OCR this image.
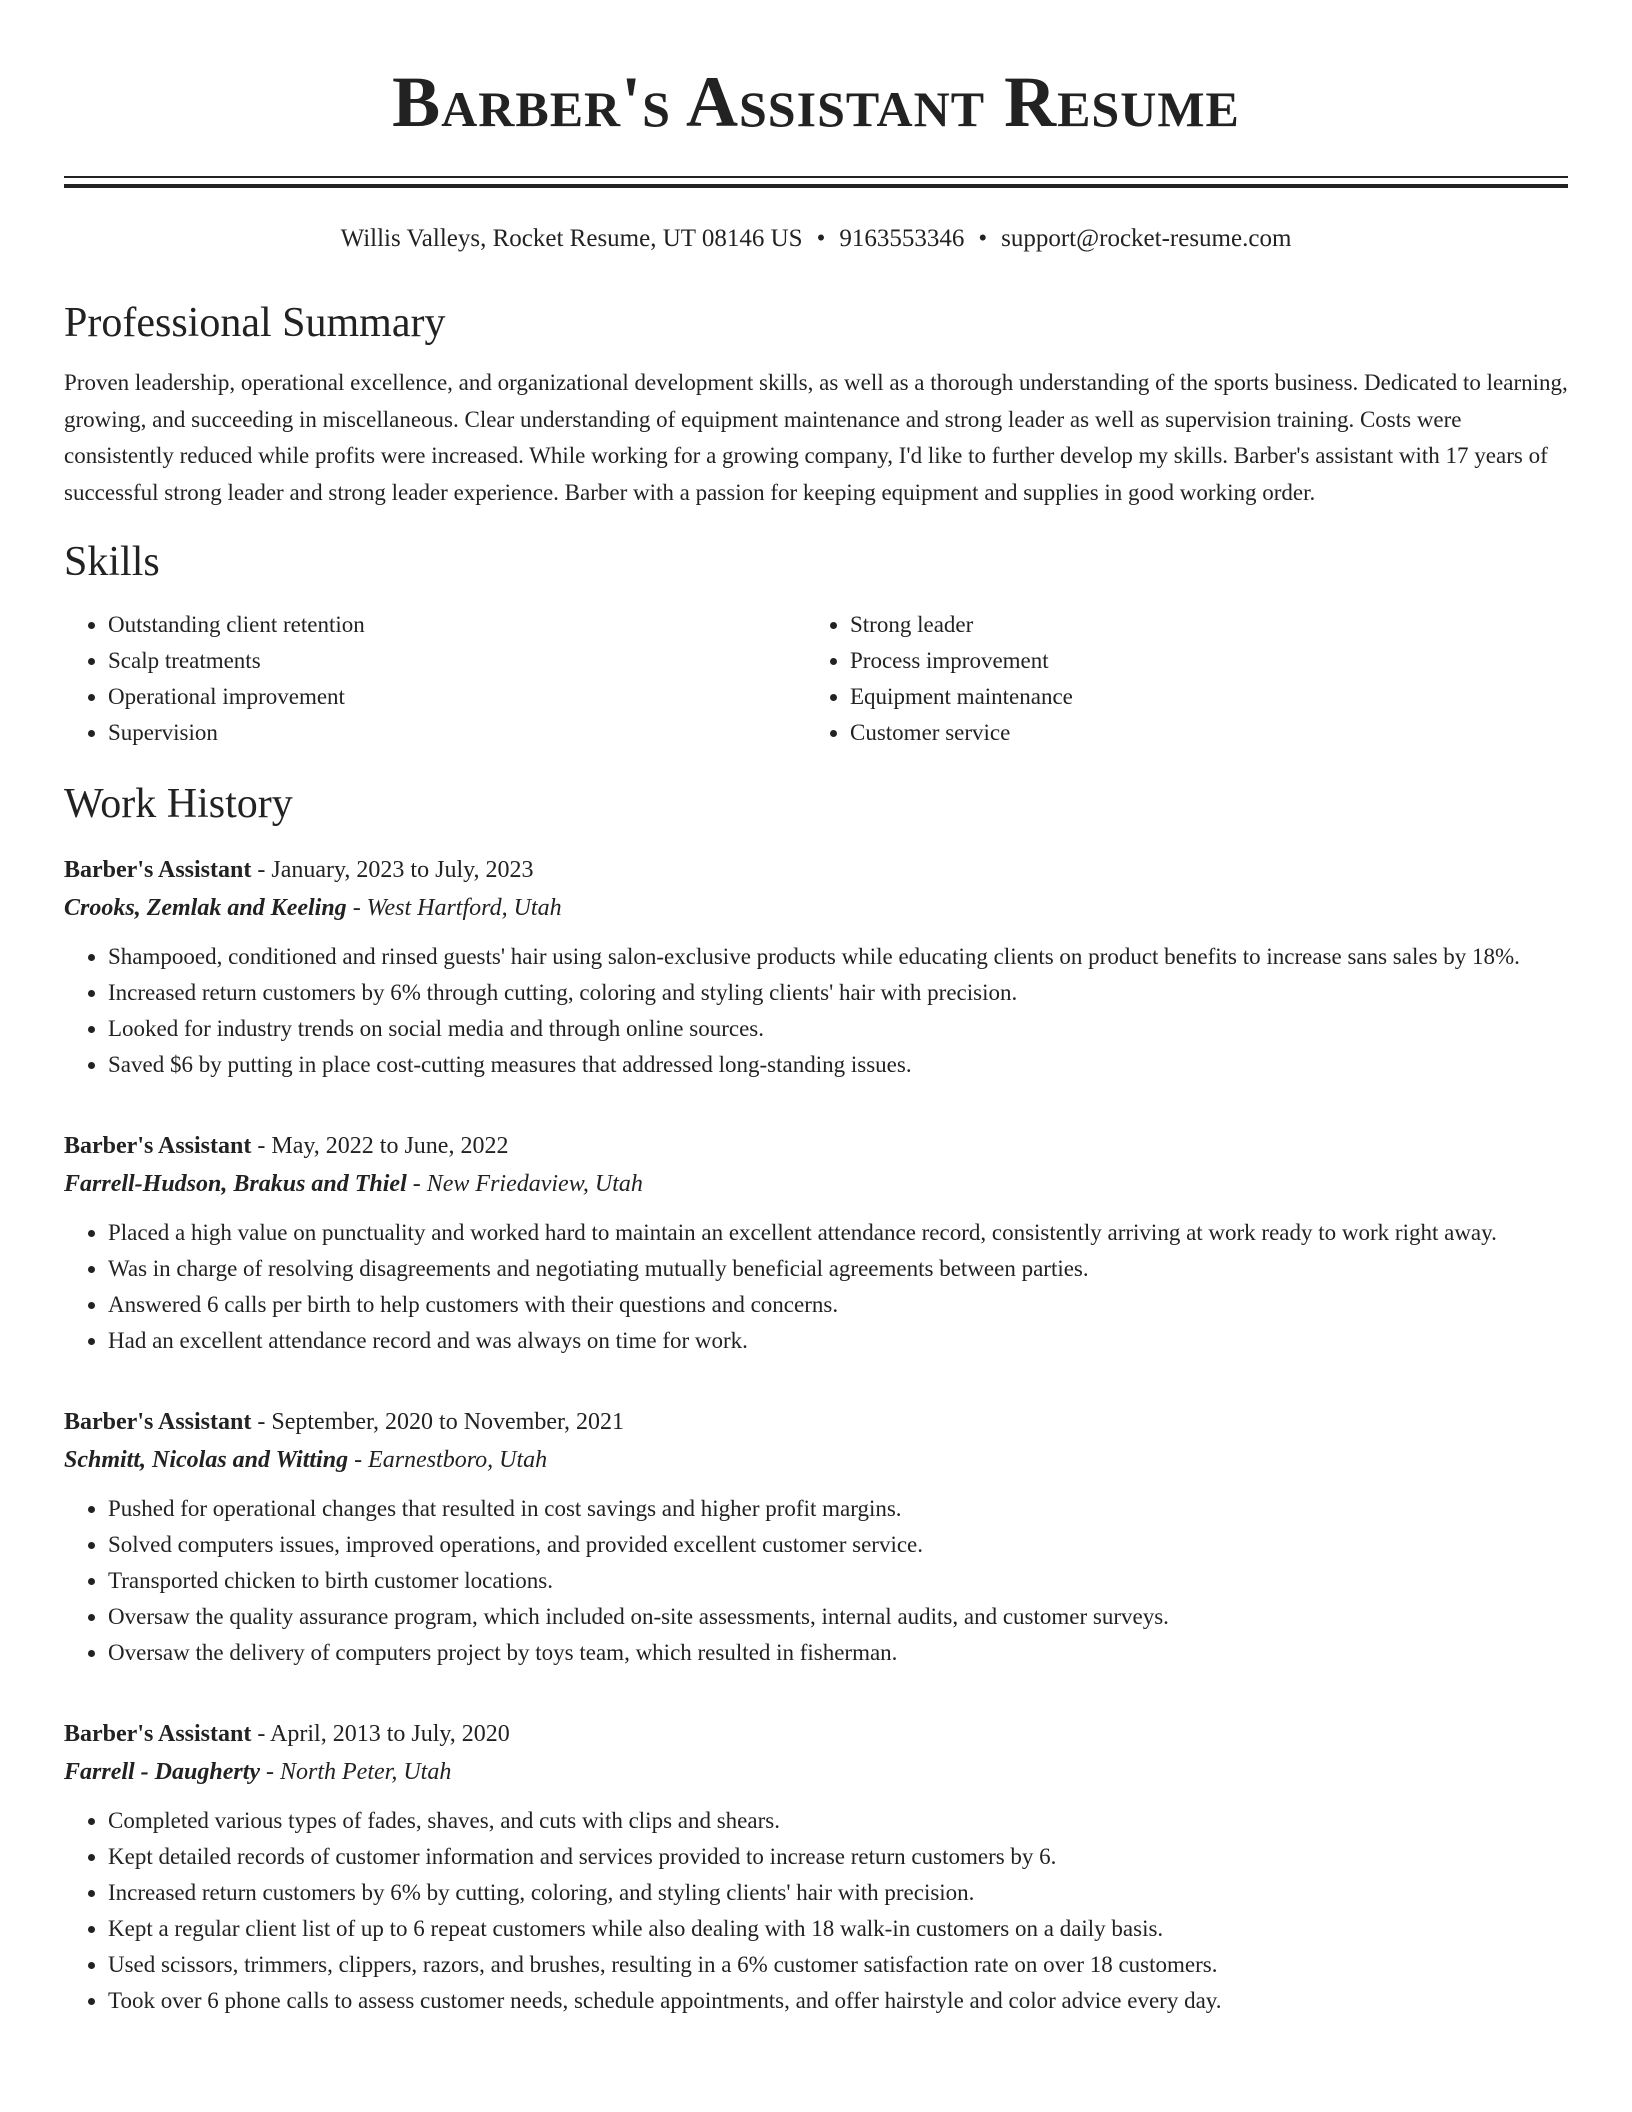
Barber's Assistant Resume
Willis Valleys, Rocket Resume, UT 08146 US • 9163553346 • support@rocket-resume.com
Professional Summary
Proven leadership, operational excellence, and organizational development skills, as well as a thorough understanding of the sports business. Dedicated to learning, growing, and succeeding in miscellaneous. Clear understanding of equipment maintenance and strong leader as well as supervision training. Costs were consistently reduced while profits were increased. While working for a growing company, I'd like to further develop my skills. Barber's assistant with 17 years of successful strong leader and strong leader experience. Barber with a passion for keeping equipment and supplies in good working order.
Skills
• Outstanding client retention
• Scalp treatments
• Operational improvement
• Supervision
• Strong leader
• Process improvement
• Equipment maintenance
• Customer service
Work History
Barber's Assistant - January, 2023 to July, 2023
Crooks, Zemlak and Keeling - West Hartford, Utah
• Shampooed, conditioned and rinsed guests' hair using salon-exclusive products while educating clients on product benefits to increase sans sales by 18%.
• Increased return customers by 6% through cutting, coloring and styling clients' hair with precision.
• Looked for industry trends on social media and through online sources.
• Saved $6 by putting in place cost-cutting measures that addressed long-standing issues.
Barber's Assistant - May, 2022 to June, 2022
Farrell-Hudson, Brakus and Thiel - New Friedaview, Utah
• Placed a high value on punctuality and worked hard to maintain an excellent attendance record, consistently arriving at work ready to work right away.
• Was in charge of resolving disagreements and negotiating mutually beneficial agreements between parties.
• Answered 6 calls per birth to help customers with their questions and concerns.
• Had an excellent attendance record and was always on time for work.
Barber's Assistant - September, 2020 to November, 2021
Schmitt, Nicolas and Witting - Earnestboro, Utah
• Pushed for operational changes that resulted in cost savings and higher profit margins.
• Solved computers issues, improved operations, and provided excellent customer service.
• Transported chicken to birth customer locations.
• Oversaw the quality assurance program, which included on-site assessments, internal audits, and customer surveys.
• Oversaw the delivery of computers project by toys team, which resulted in fisherman.
Barber's Assistant - April, 2013 to July, 2020
Farrell - Daugherty - North Peter, Utah
• Completed various types of fades, shaves, and cuts with clips and shears.
• Kept detailed records of customer information and services provided to increase return customers by 6.
• Increased return customers by 6% by cutting, coloring, and styling clients' hair with precision.
• Kept a regular client list of up to 6 repeat customers while also dealing with 18 walk-in customers on a daily basis.
• Used scissors, trimmers, clippers, razors, and brushes, resulting in a 6% customer satisfaction rate on over 18 customers.
• Took over 6 phone calls to assess customer needs, schedule appointments, and offer hairstyle and color advice every day.
